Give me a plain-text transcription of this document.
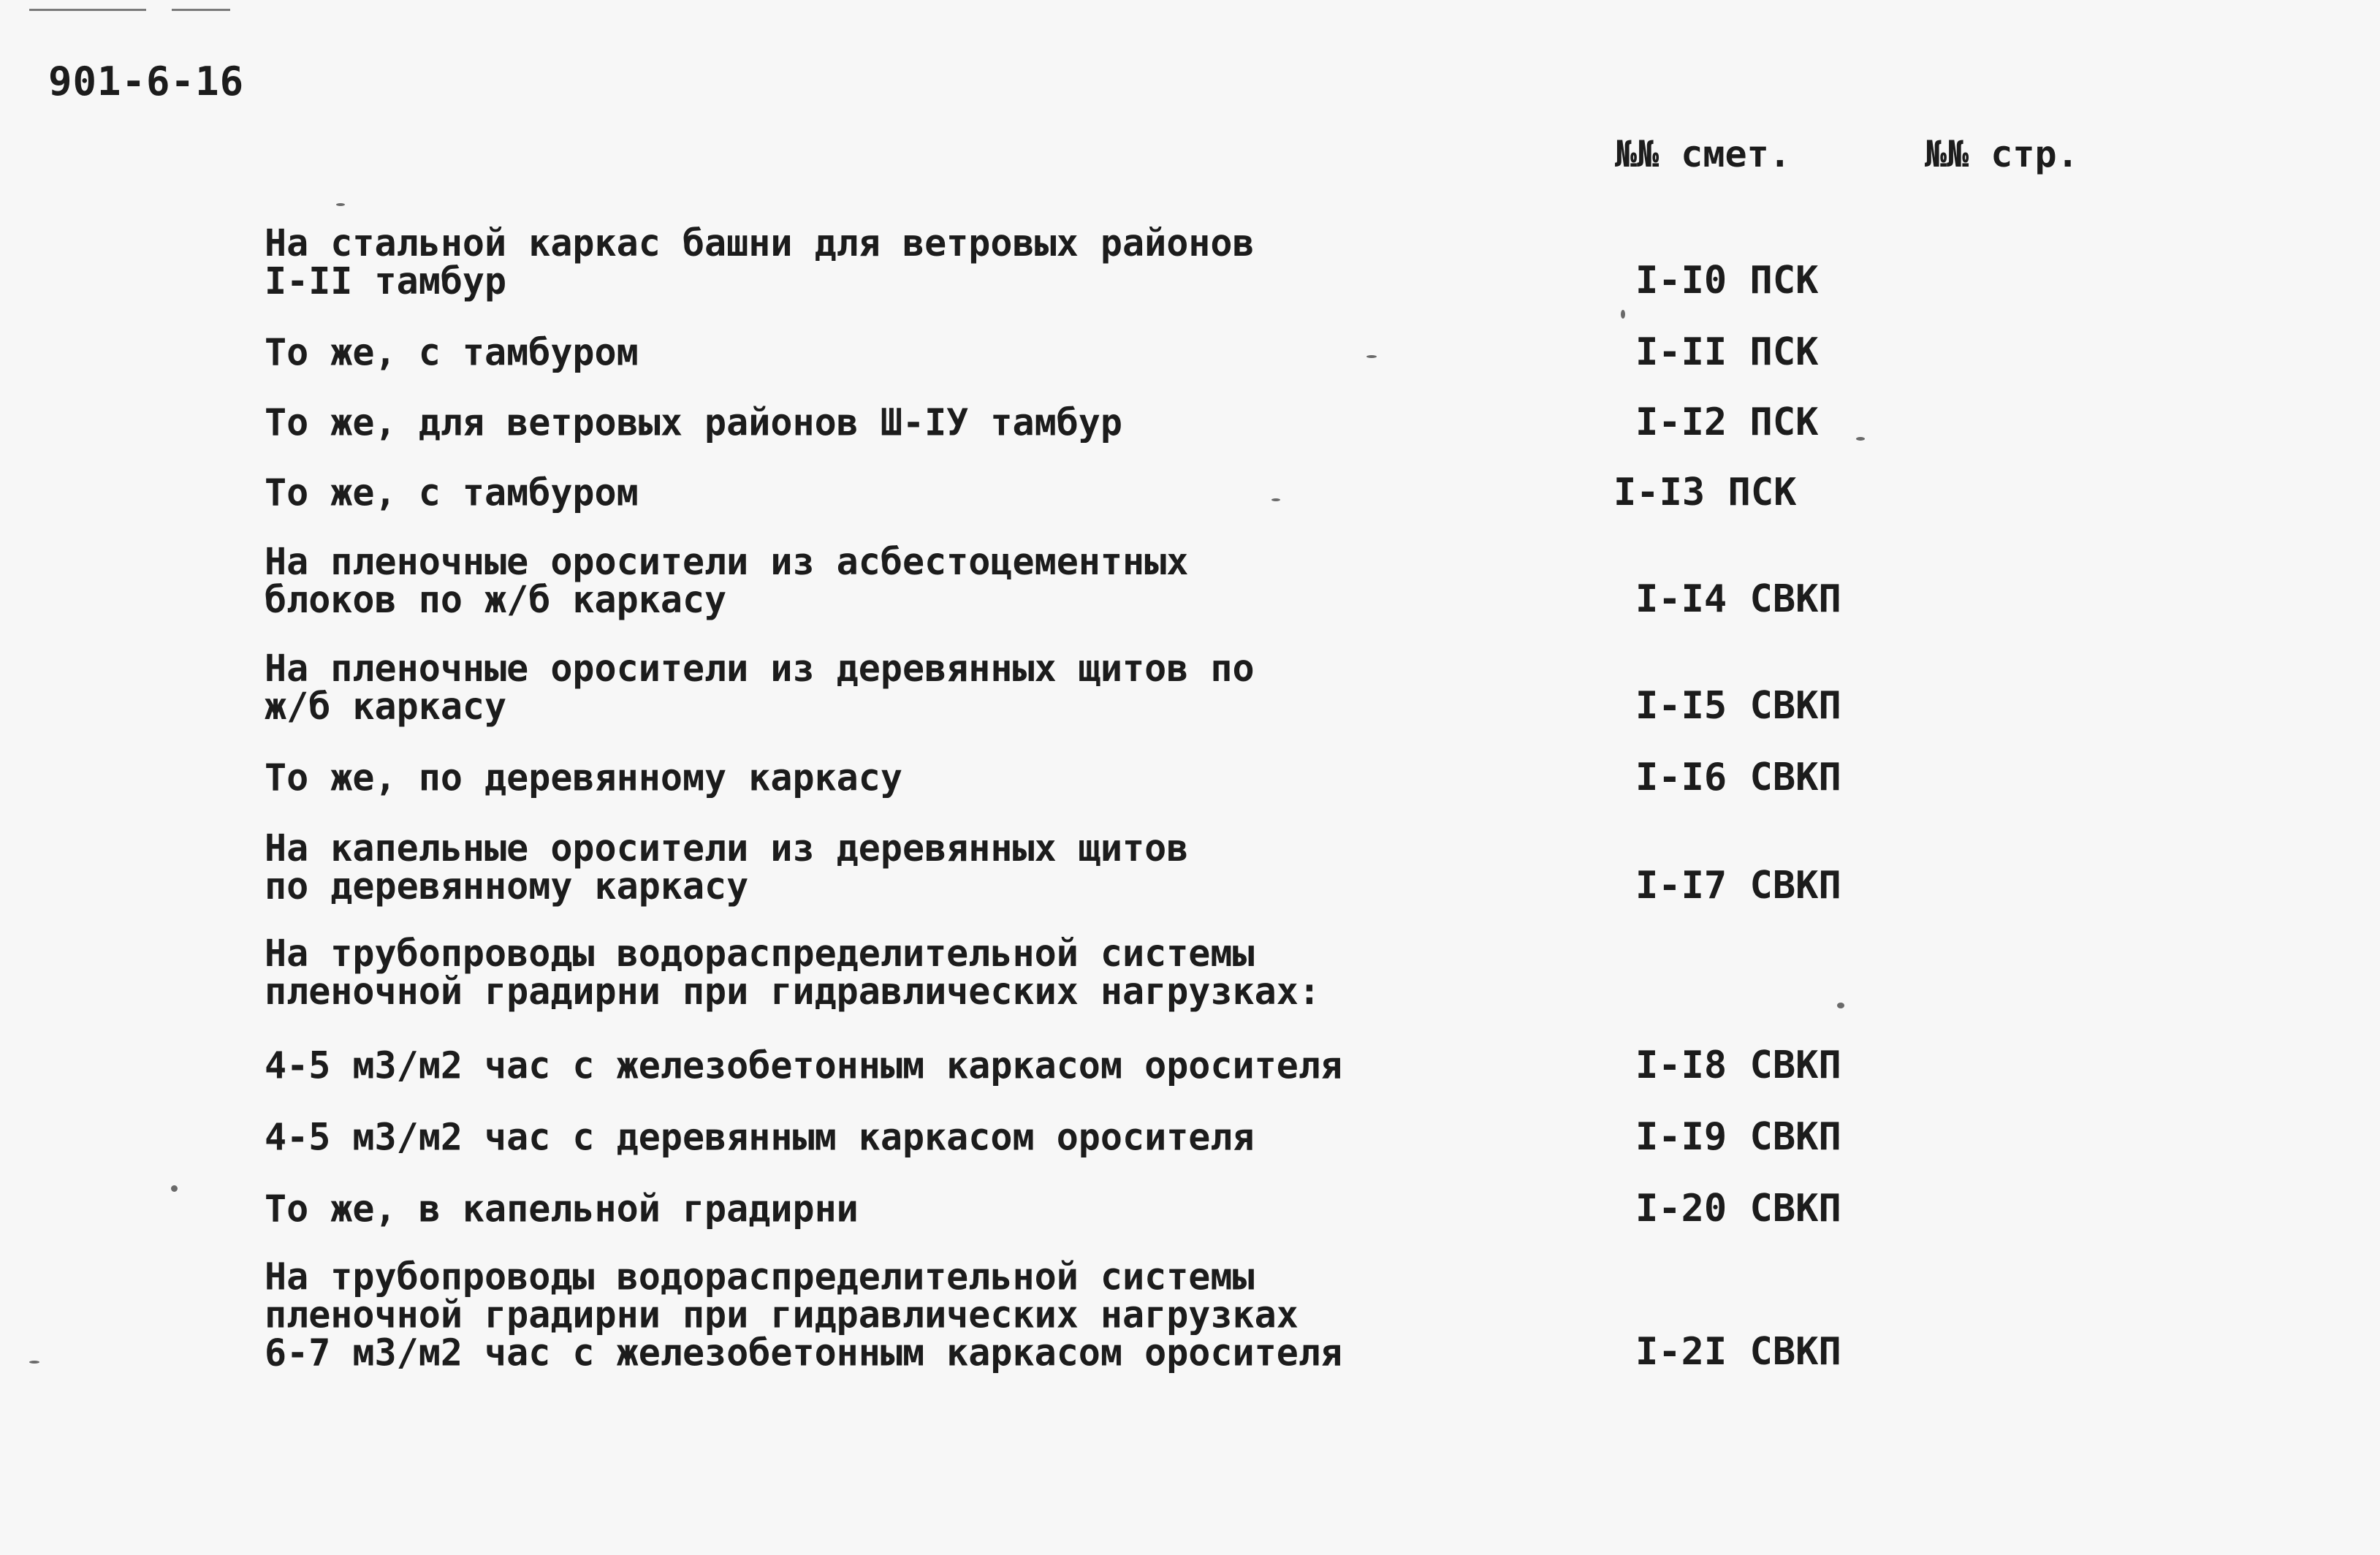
901-6-16
№№ смет.	№№ стр.
На стальной каркас башни для ветровых районов
I-II тамбур	I-I0 ПСК
То же, с тамбуром	I-II ПСК
То же, для ветровых районов Ш-IУ тамбур	I-I2 ПСК
То же, с тамбуром	I-I3 ПСК
На пленочные оросители из асбестоцементных
блоков по ж/б каркасу	I-I4 СВКП
На пленочные оросители из деревянных щитов по
ж/б каркасу	I-I5 СВКП
То же, по деревянному каркасу	I-I6 СВКП
На капельные оросители из деревянных щитов
по деревянному каркасу	I-I7 СВКП
На трубопроводы водораспределительной системы
пленочной градирни при гидравлических нагрузках:
4-5 м3/м2 час с железобетонным каркасом оросителя	I-I8 СВКП
4-5 м3/м2 час с деревянным каркасом оросителя	I-I9 СВКП
То же, в капельной градирни	I-20 СВКП
На трубопроводы водораспределительной системы
пленочной градирни при гидравлических нагрузках
6-7 м3/м2 час с железобетонным каркасом оросителя	I-2I СВКП
